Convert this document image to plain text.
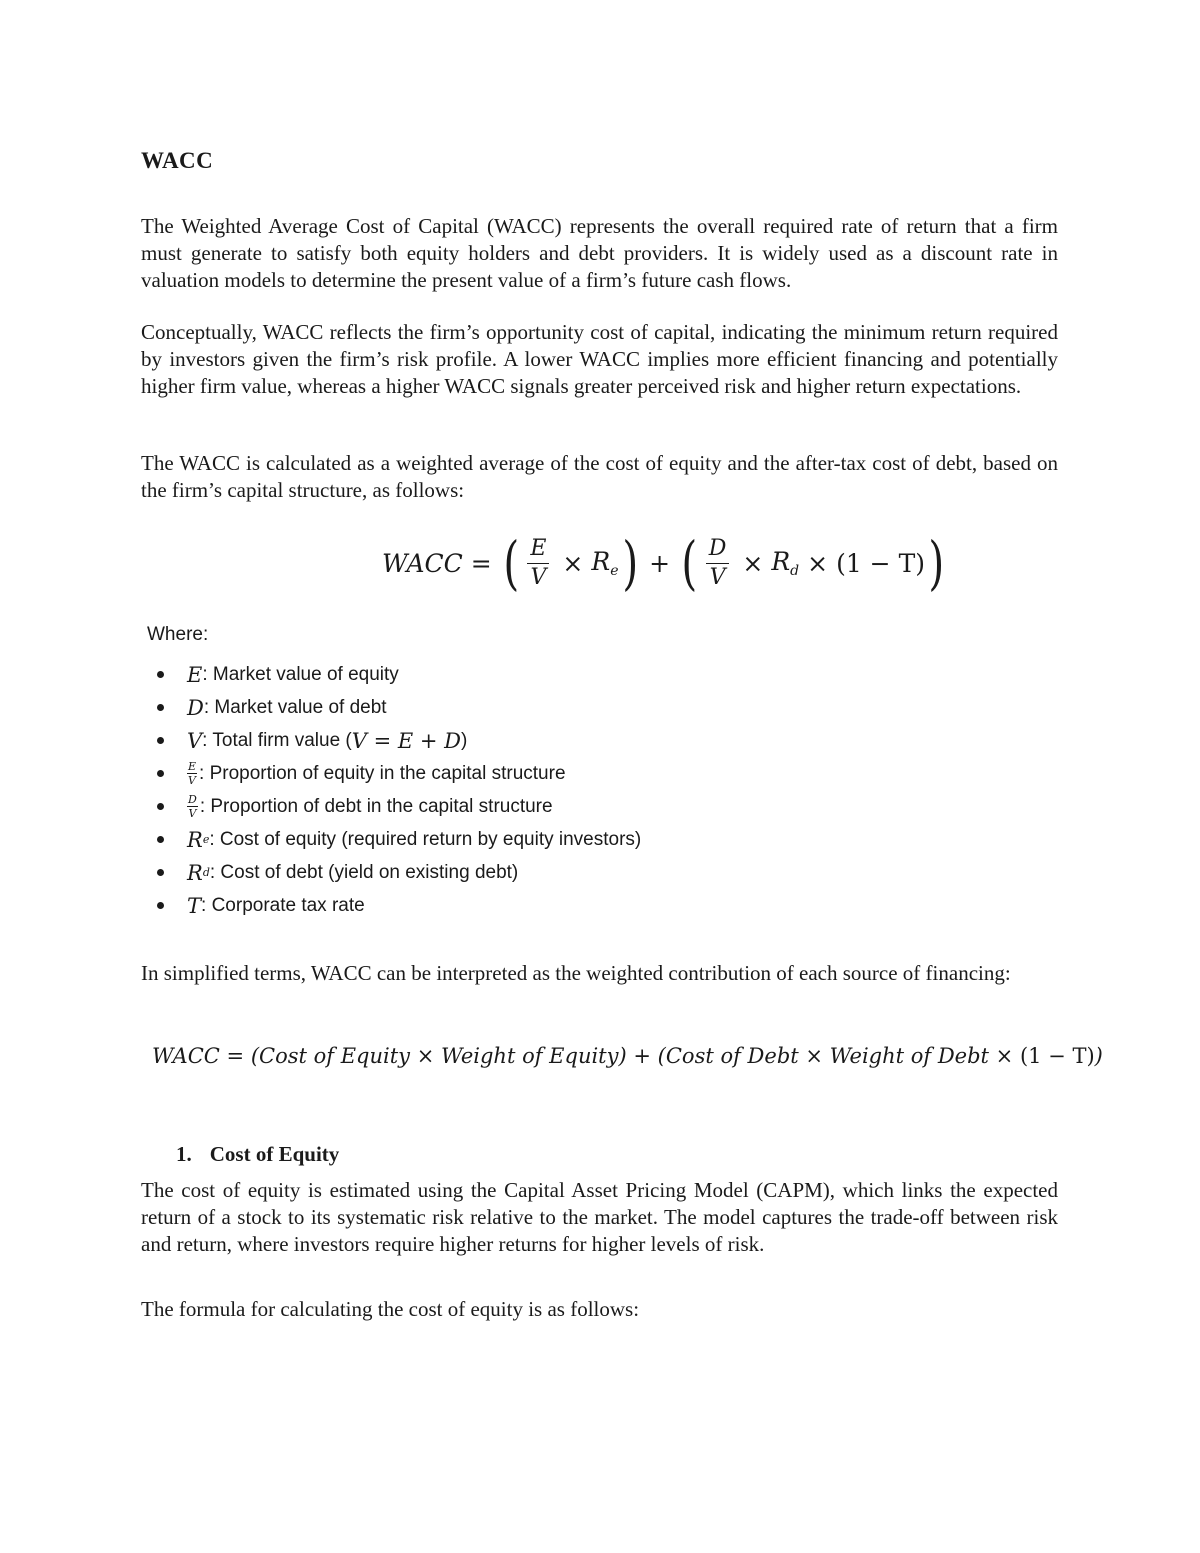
WACC
The Weighted Average Cost of Capital (WACC) represents the overall required rate of return that a firm must generate to satisfy both equity holders and debt providers. It is widely used as a discount rate in valuation models to determine the present value of a firm’s future cash flows.
Conceptually, WACC reflects the firm’s opportunity cost of capital, indicating the minimum return required by investors given the firm’s risk profile. A lower WACC implies more efficient financing and potentially higher firm value, whereas a higher WACC signals greater perceived risk and higher return expectations.
The WACC is calculated as a weighted average of the cost of equity and the after-tax cost of debt, based on the firm’s capital structure, as follows:
WACC = ( $\frac{E}{V} \times R_e$ ) + ( $\frac{D}{V} \times R_d \times (1 - T)$ )
Where:
E : Market value of equity
D : Market value of debt
V : Total firm value ( V = E + D )
$\frac{E}{V}$ : Proportion of equity in the capital structure
$\frac{D}{V}$ : Proportion of debt in the capital structure
R e : Cost of equity (required return by equity investors)
R d : Cost of debt (yield on existing debt)
T : Corporate tax rate
In simplified terms, WACC can be interpreted as the weighted contribution of each source of financing:
WACC = (Cost of Equity × Weight of Equity) + (Cost of Debt × Weight of Debt × (1 − T))
1. Cost of Equity
The cost of equity is estimated using the Capital Asset Pricing Model (CAPM), which links the expected return of a stock to its systematic risk relative to the market. The model captures the trade-off between risk and return, where investors require higher returns for higher levels of risk.
The formula for calculating the cost of equity is as follows:
